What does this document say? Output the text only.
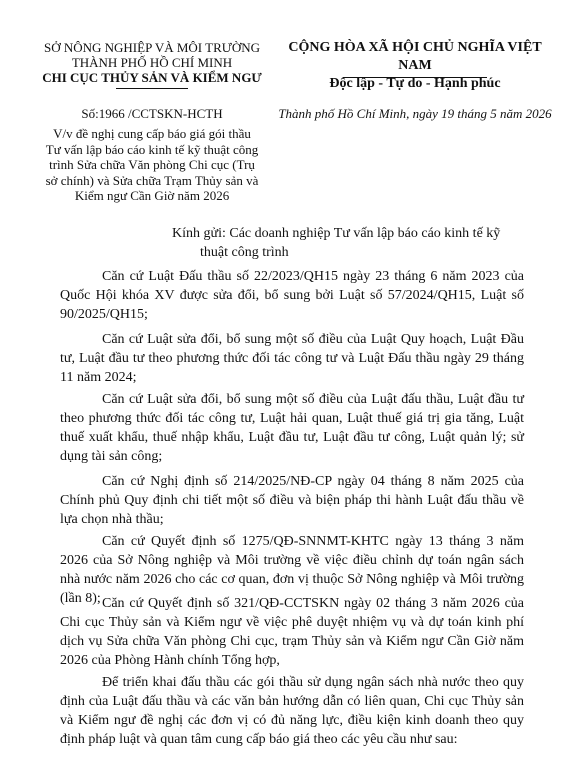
SỞ NÔNG NGHIỆP VÀ MÔI TRƯỜNG
THÀNH PHỐ HỒ CHÍ MINH
CHI CỤC THỦY SẢN VÀ KIỂM NGƯ
CỘNG HÒA XÃ HỘI CHỦ NGHĨA VIỆT NAM
Độc lập - Tự do - Hạnh phúc
Số:1966 /CCTSKN-HCTH	Thành phố Hồ Chí Minh, ngày 19 tháng 5 năm 2026
V/v đề nghị cung cấp báo giá gói thầu
Tư vấn lập báo cáo kinh tế kỹ thuật công
trình Sửa chữa Văn phòng Chi cục (Trụ
sở chính) và Sửa chữa Trạm Thủy sản và
Kiểm ngư Cần Giờ năm 2026
Kính gửi: Các doanh nghiệp Tư vấn lập báo cáo kinh tế kỹ
thuật công trình
Căn cứ Luật Đấu thầu số 22/2023/QH15 ngày 23 tháng 6 năm 2023 của Quốc Hội khóa XV được sửa đổi, bổ sung bởi Luật số 57/2024/QH15, Luật số 90/2025/QH15;
Căn cứ Luật sửa đổi, bổ sung một số điều của Luật Quy hoạch, Luật Đầu tư, Luật đầu tư theo phương thức đối tác công tư và Luật Đấu thầu ngày 29 tháng 11 năm 2024;
Căn cứ Luật sửa đổi, bổ sung một số điều của Luật đấu thầu, Luật đầu tư theo phương thức đối tác công tư, Luật hải quan, Luật thuế giá trị gia tăng, Luật thuế xuất khẩu, thuế nhập khẩu, Luật đầu tư, Luật đầu tư công, Luật quản lý; sử dụng tài sản công;
Căn cứ Nghị định số 214/2025/NĐ-CP ngày 04 tháng 8 năm 2025 của Chính phủ Quy định chi tiết một số điều và biện pháp thi hành Luật đấu thầu về lựa chọn nhà thầu;
Căn cứ Quyết định số 1275/QĐ-SNNMT-KHTC ngày 13 tháng 3 năm 2026 của Sở Nông nghiệp và Môi trường về việc điều chỉnh dự toán ngân sách nhà nước năm 2026 cho các cơ quan, đơn vị thuộc Sở Nông nghiệp và Môi trường (lần 8); Căn cứ Quyết định số 321/QĐ-CCTSKN ngày 02 tháng 3 năm 2026 của Chi cục Thủy sản và Kiểm ngư về việc phê duyệt nhiệm vụ và dự toán kinh phí dịch vụ Sửa chữa Văn phòng Chi cục, trạm Thủy sản và Kiểm ngư Cần Giờ năm 2026 của Phòng Hành chính Tổng hợp,
Để triển khai đấu thầu các gói thầu sử dụng ngân sách nhà nước theo quy định của Luật đấu thầu và các văn bản hướng dẫn có liên quan, Chi cục Thủy sản và Kiểm ngư đề nghị các đơn vị có đủ năng lực, điều kiện kinh doanh theo quy định pháp luật và quan tâm cung cấp báo giá theo các yêu cầu như sau:
